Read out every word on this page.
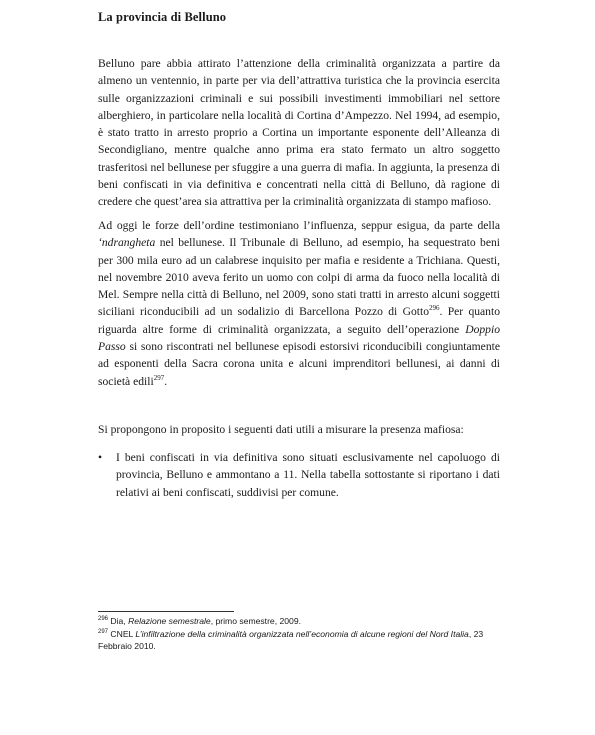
La provincia di Belluno

Belluno pare abbia attirato l’attenzione della criminalità organizzata a partire da almeno un ventennio, in parte per via dell’attrattiva turistica che la provincia esercita sulle organizzazioni criminali e sui possibili investimenti immobiliari nel settore alberghiero, in particolare nella località di Cortina d’Ampezzo. Nel 1994, ad esempio, è stato tratto in arresto proprio a Cortina un importante esponente dell’Alleanza di Secondigliano, mentre qualche anno prima era stato fermato un altro soggetto trasferitosi nel bellunese per sfuggire a una guerra di mafia. In aggiunta, la presenza di beni confiscati in via definitiva e concentrati nella città di Belluno, dà ragione di credere che quest’area sia attrattiva per la criminalità organizzata di stampo mafioso.

Ad oggi le forze dell’ordine testimoniano l’influenza, seppur esigua, da parte della ‘ndrangheta nel bellunese. Il Tribunale di Belluno, ad esempio, ha sequestrato beni per 300 mila euro ad un calabrese inquisito per mafia e residente a Trichiana. Questi, nel novembre 2010 aveva ferito un uomo con colpi di arma da fuoco nella località di Mel. Sempre nella città di Belluno, nel 2009, sono stati tratti in arresto alcuni soggetti siciliani riconducibili ad un sodalizio di Barcellona Pozzo di Gotto$^{296}$. Per quanto riguarda altre forme di criminalità organizzata, a seguito dell’operazione Doppio Passo si sono riscontrati nel bellunese episodi estorsivi riconducibili congiuntamente ad esponenti della Sacra corona unita e alcuni imprenditori bellunesi, ai danni di società edili$^{297}$.

Si propongono in proposito i seguenti dati utili a misurare la presenza mafiosa:

•	I beni confiscati in via definitiva sono situati esclusivamente nel capoluogo di provincia, Belluno e ammontano a 11. Nella tabella sottostante si riportano i dati relativi ai beni confiscati, suddivisi per comune.
$^{296}$ Dia, Relazione semestrale, primo semestre, 2009.
$^{297}$ CNEL L’infiltrazione della criminalità organizzata nell’economia di alcune regioni del Nord Italia, 23 Febbraio 2010.
